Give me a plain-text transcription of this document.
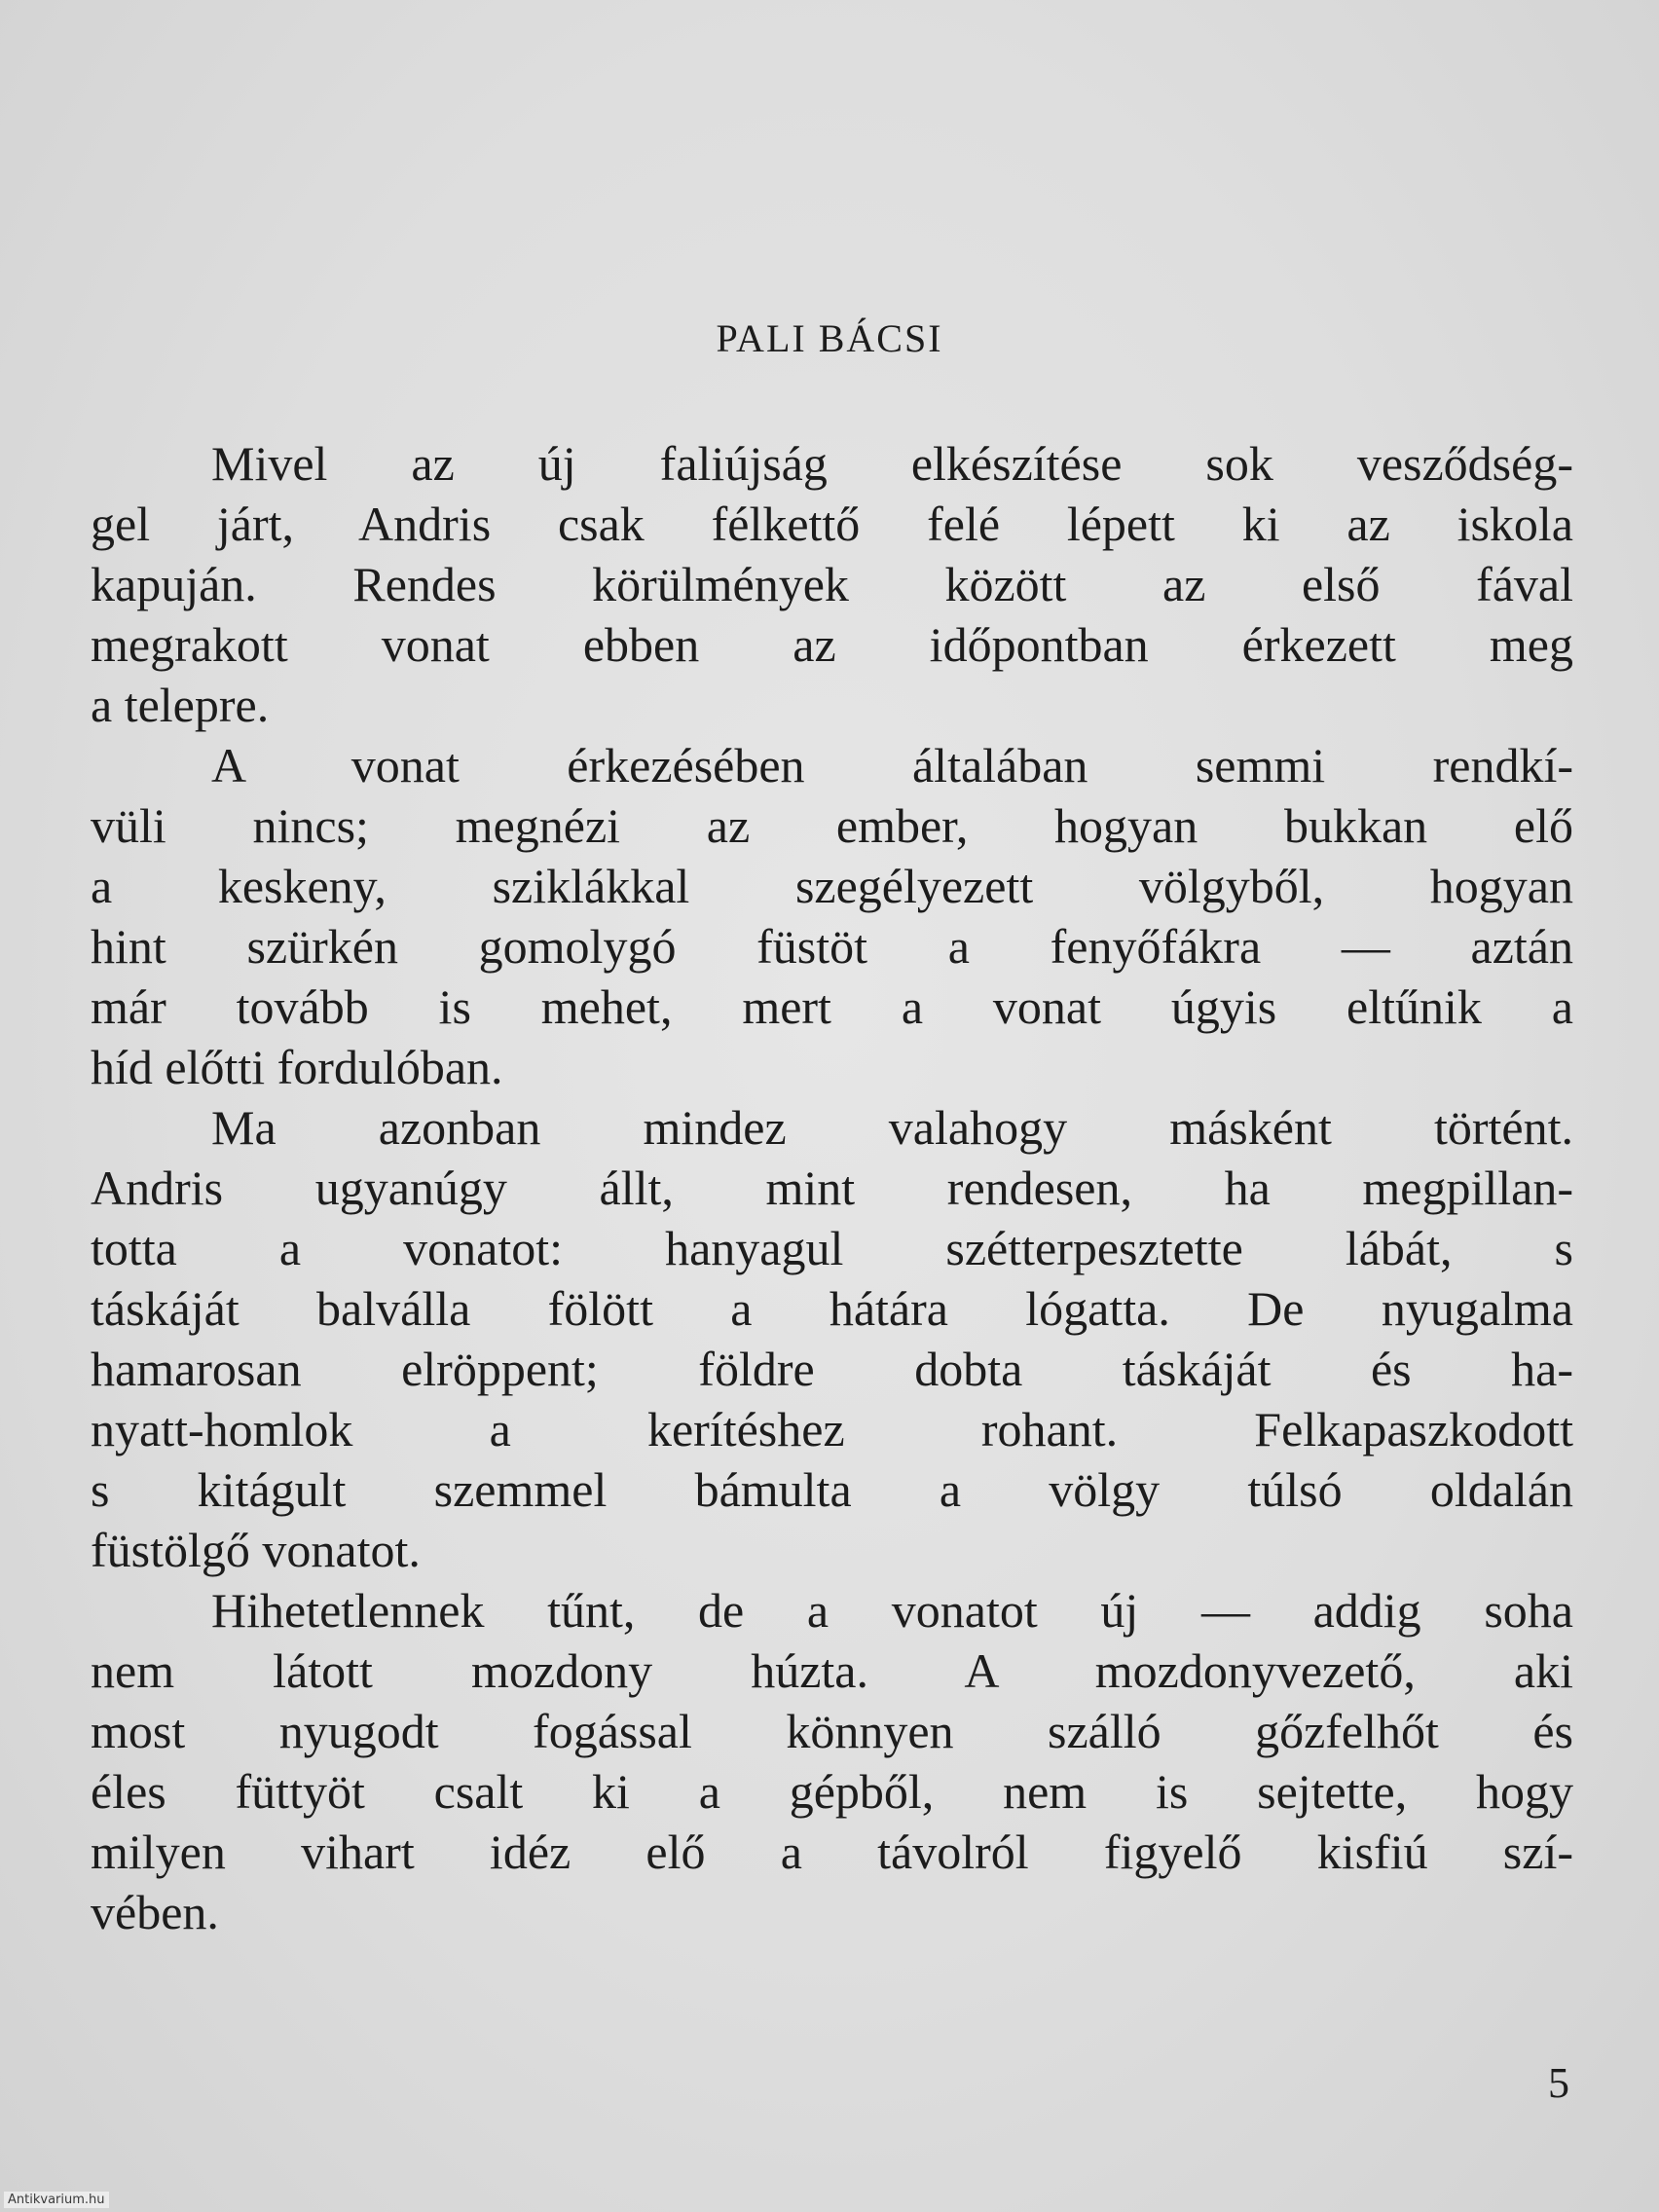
PALI BÁCSI
Mivel az új faliújság elkészítése sok vesződség-
gel járt, Andris csak félkettő felé lépett ki az iskola
kapuján. Rendes körülmények között az első fával
megrakott vonat ebben az időpontban érkezett meg
a telepre.
A vonat érkezésében általában semmi rendkí-
vüli nincs; megnézi az ember, hogyan bukkan elő
a keskeny, sziklákkal szegélyezett völgyből, hogyan
hint szürkén gomolygó füstöt a fenyőfákra — aztán
már tovább is mehet, mert a vonat úgyis eltűnik a
híd előtti fordulóban.
Ma azonban mindez valahogy másként történt.
Andris ugyanúgy állt, mint rendesen, ha megpillan-
totta a vonatot: hanyagul szétterpesztette lábát, s
táskáját balválla fölött a hátára lógatta. De nyugalma
hamarosan elröppent; földre dobta táskáját és ha-
nyatt-homlok a kerítéshez rohant. Felkapaszkodott
s kitágult szemmel bámulta a völgy túlsó oldalán
füstölgő vonatot.
Hihetetlennek tűnt, de a vonatot új — addig soha
nem látott mozdony húzta. A mozdonyvezető, aki
most nyugodt fogással könnyen szálló gőzfelhőt és
éles füttyöt csalt ki a gépből, nem is sejtette, hogy
milyen vihart idéz elő a távolról figyelő kisfiú szí-
vében.
5
Antikvarium.hu
